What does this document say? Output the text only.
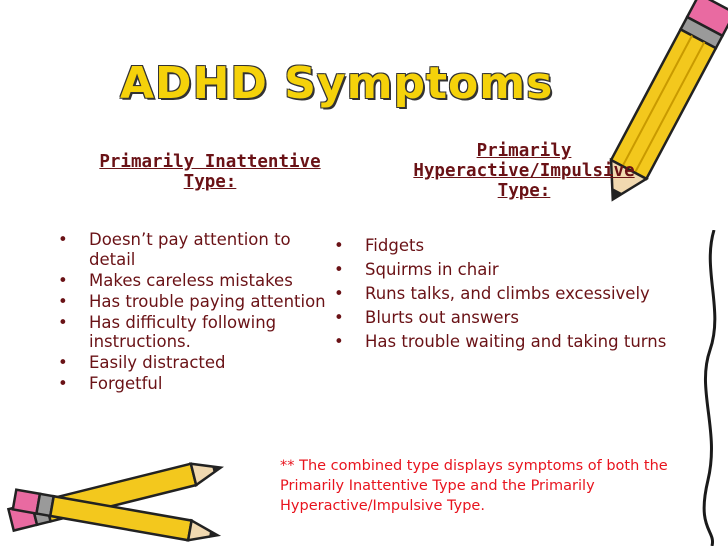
ADHD Symptoms
Primarily Inattentive
Type:
Primarily
Hyperactive/Impulsive
Type:
• Doesn’t pay attention to detail
• Makes careless mistakes
• Has trouble paying attention
• Has difficulty following instructions.
• Easily distracted
• Forgetful
• Fidgets
• Squirms in chair
• Runs talks, and climbs excessively
• Blurts out answers
• Has trouble waiting and taking turns
** The combined type displays symptoms of both the Primarily Inattentive Type and the Primarily Hyperactive/Impulsive Type.
